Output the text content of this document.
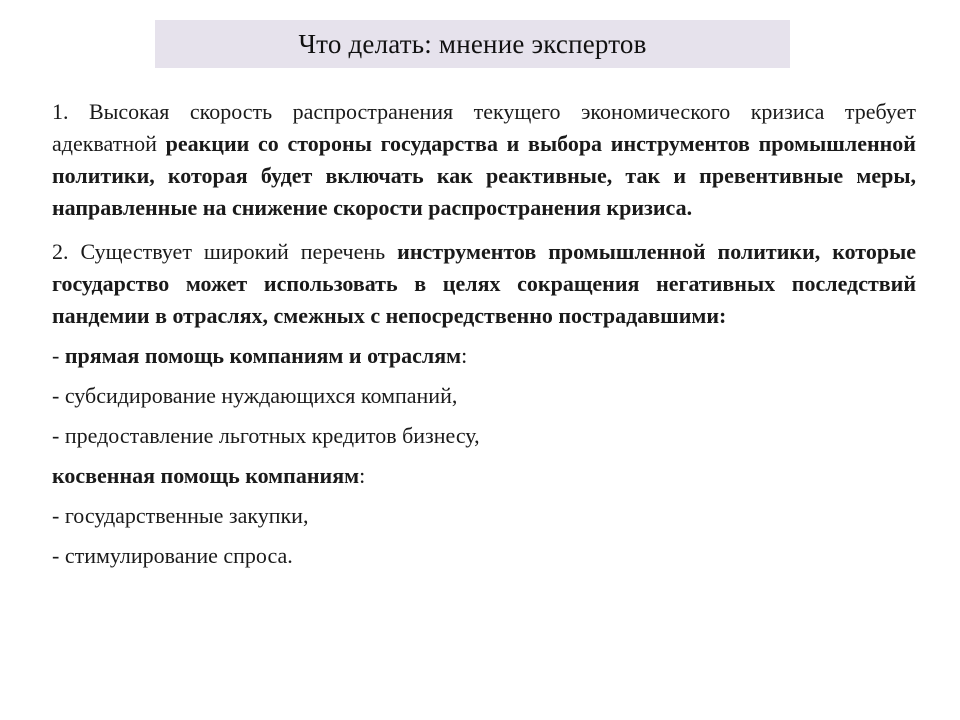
Что делать: мнение экспертов

1. Высокая скорость распространения текущего экономического кризиса требует адекватной реакции со стороны государства и выбора инструментов промышленной политики, которая будет включать как реактивные, так и превентивные меры, направленные на снижение скорости распространения кризиса.

2. Существует широкий перечень инструментов промышленной политики, которые государство может использовать в целях сокращения негативных последствий пандемии в отраслях, смежных с непосредственно пострадавшими:

- прямая помощь компаниям и отраслям:

- субсидирование нуждающихся компаний,

- предоставление льготных кредитов бизнесу,

косвенная помощь компаниям:

- государственные закупки,

- стимулирование спроса.
